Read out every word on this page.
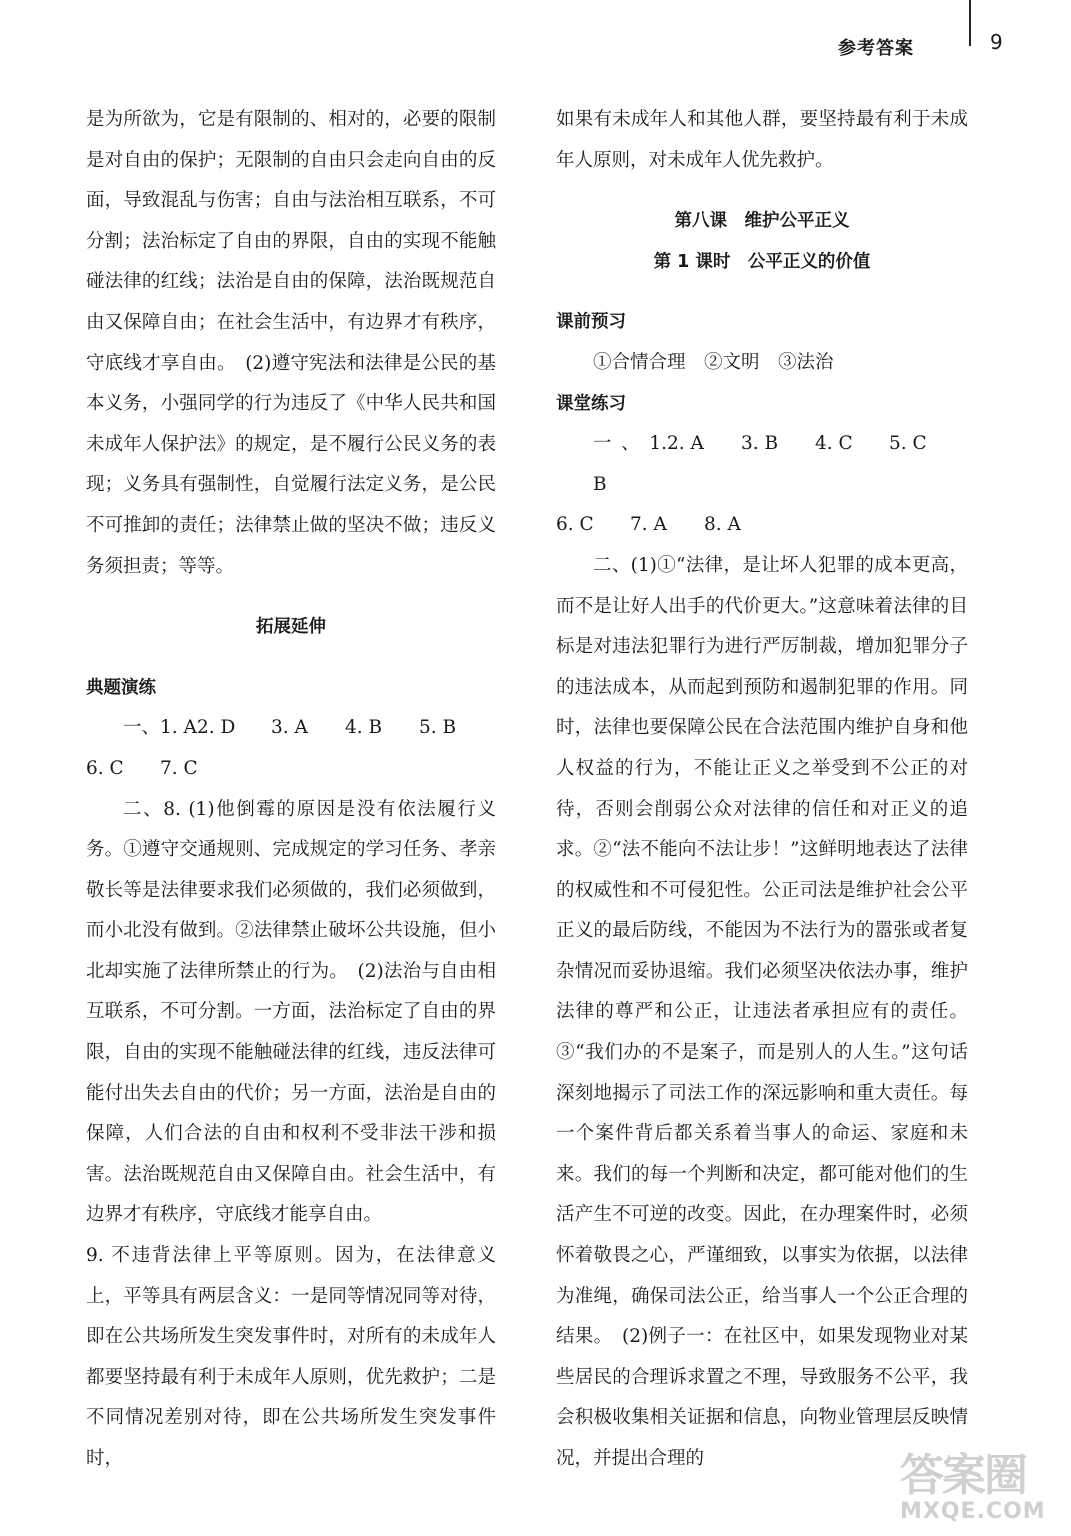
参考答案	9

是为所欲为，它是有限制的、相对的，必要的限制是对自由的保护；无限制的自由只会走向自由的反面，导致混乱与伤害；自由与法治相互联系，不可分割；法治标定了自由的界限，自由的实现不能触碰法律的红线；法治是自由的保障，法治既规范自由又保障自由；在社会生活中，有边界才有秩序，守底线才享自由。　(2)遵守宪法和法律是公民的基本义务，小强同学的行为违反了《中华人民共和国未成年人保护法》的规定，是不履行公民义务的表现；义务具有强制性，自觉履行法定义务，是公民不可推卸的责任；法律禁止做的坚决不做；违反义务须担责；等等。

拓展延伸

典题演练

一、1. A 2. D	3. A	4. B	5. B
6. C	7. C

二、8. (1)他倒霉的原因是没有依法履行义务。①遵守交通规则、完成规定的学习任务、孝亲敬长等是法律要求我们必须做的，我们必须做到，而小北没有做到。②法律禁止破坏公共设施，但小北却实施了法律所禁止的行为。　(2)法治与自由相互联系，不可分割。一方面，法治标定了自由的界限，自由的实现不能触碰法律的红线，违反法律可能付出失去自由的代价；另一方面，法治是自由的保障，人们合法的自由和权利不受非法干涉和损害。法治既规范自由又保障自由。社会生活中，有边界才有秩序，守底线才能享自由。

9. 不违背法律上平等原则。因为，在法律意义上，平等具有两层含义：一是同等情况同等对待，即在公共场所发生突发事件时，对所有的未成年人都要坚持最有利于未成年人原则，优先救护；二是不同情况差别对待，即在公共场所发生突发事件时，

如果有未成年人和其他人群，要坚持最有利于未成年人原则，对未成年人优先救护。

第八课　维护公平正义

第 1 课时　公平正义的价值

课前预习

①合情合理　②文明　③法治

课堂练习

一、1. B
2. A	3. B	4. C	5. C
6. C	7. A	8. A

二、(1)①“法律，是让坏人犯罪的成本更高，而不是让好人出手的代价更大。”这意味着法律的目标是对违法犯罪行为进行严厉制裁，增加犯罪分子的违法成本，从而起到预防和遏制犯罪的作用。同时，法律也要保障公民在合法范围内维护自身和他人权益的行为，不能让正义之举受到不公正的对待，否则会削弱公众对法律的信任和对正义的追求。②“法不能向不法让步！”这鲜明地表达了法律的权威性和不可侵犯性。公正司法是维护社会公平正义的最后防线，不能因为不法行为的嚣张或者复杂情况而妥协退缩。我们必须坚决依法办事，维护法律的尊严和公正，让违法者承担应有的责任。③“我们办的不是案子，而是别人的人生。”这句话深刻地揭示了司法工作的深远影响和重大责任。每一个案件背后都关系着当事人的命运、家庭和未来。我们的每一个判断和决定，都可能对他们的生活产生不可逆的改变。因此，在办理案件时，必须怀着敬畏之心，严谨细致，以事实为依据，以法律为准绳，确保司法公正，给当事人一个公正合理的结果。　(2)例子一：在社区中，如果发现物业对某些居民的合理诉求置之不理，导致服务不公平，我会积极收集相关证据和信息，向物业管理层反映情况，并提出合理的	答案圈
MXQE.COM
